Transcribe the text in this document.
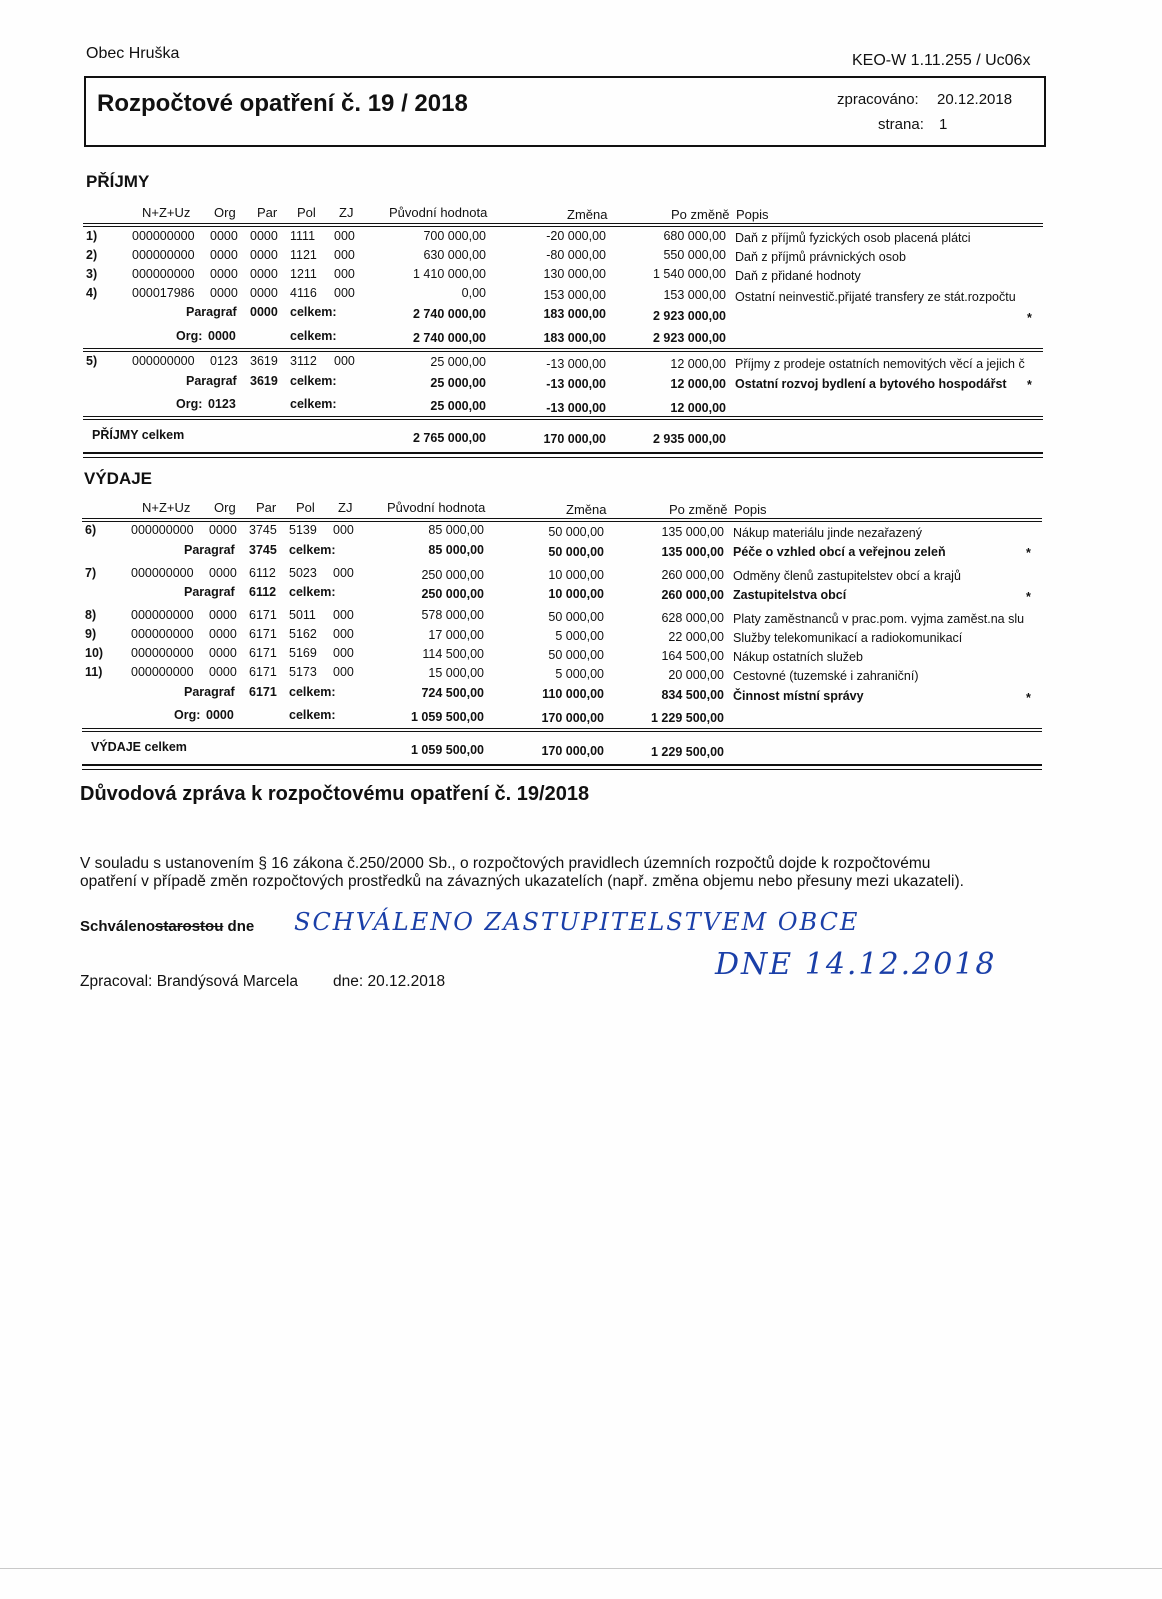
Obec Hruška	KEO-W 1.11.255 / Uc06x
Rozpočtové opatření č. 19 / 2018	zpracováno: 20.12.2018
strana: 1
PŘÍJMY
N+Z+Uz Org Par Pol ZJ	Původní hodnota	Změna	Po změně Popis
1)	000000000 0000 0000 1111 000	700 000,00	-20 000,00	680 000,00 Daň z příjmů fyzických osob placená plátci
2)	000000000 0000 0000 1121 000	630 000,00	-80 000,00	550 000,00 Daň z příjmů právnických osob
3)	000000000 0000 0000 1211 000	1 410 000,00	130 000,00	1 540 000,00 Daň z přidané hodnoty
4)	000017986 0000 0000 4116 000	0,00	153 000,00	153 000,00 Ostatní neinvestič.přijaté transfery ze stát.rozpočtu
Paragraf 0000 celkem:	2 740 000,00	183 000,00	2 923 000,00	*
Org: 0000	celkem:	2 740 000,00	183 000,00	2 923 000,00
5)	000000000 0123 3619 3112 000	25 000,00	-13 000,00	12 000,00 Příjmy z prodeje ostatních nemovitých věcí a jejich č
Paragraf 3619 celkem:	25 000,00	-13 000,00	12 000,00 Ostatní rozvoj bydlení a bytového hospodářst *
Org: 0123	celkem:	25 000,00	-13 000,00	12 000,00
PŘÍJMY celkem	2 765 000,00	170 000,00	2 935 000,00
VÝDAJE
N+Z+Uz Org Par Pol ZJ	Původní hodnota	Změna	Po změně Popis
6)	000000000 0000 3745 5139 000	85 000,00	50 000,00	135 000,00 Nákup materiálu jinde nezařazený
Paragraf 3745 celkem:	85 000,00	50 000,00	135 000,00 Péče o vzhled obcí a veřejnou zeleň	*
7)	000000000 0000 6112 5023 000	250 000,00	10 000,00	260 000,00 Odměny členů zastupitelstev obcí a krajů
Paragraf 6112 celkem:	250 000,00	10 000,00	260 000,00 Zastupitelstva obcí	*
8)	000000000 0000 6171 5011 000	578 000,00	50 000,00	628 000,00 Platy zaměstnanců v prac.pom. vyjma zaměst.na slu
9)	000000000 0000 6171 5162 000	17 000,00	5 000,00	22 000,00 Služby telekomunikací a radiokomunikací
10) 000000000 0000 6171 5169 000	114 500,00	50 000,00	164 500,00 Nákup ostatních služeb
11) 000000000 0000 6171 5173 000	15 000,00	5 000,00	20 000,00 Cestovné (tuzemské i zahraniční)
Paragraf 6171 celkem:	724 500,00	110 000,00	834 500,00 Činnost místní správy	*
Org: 0000	celkem:	1 059 500,00	170 000,00	1 229 500,00
VÝDAJE celkem	1 059 500,00	170 000,00	1 229 500,00
Důvodová zpráva k rozpočtovému opatření č. 19/2018
V souladu s ustanovením § 16 zákona č.250/2000 Sb., o rozpočtových pravidlech územních rozpočtů dojde k rozpočtovému
opatření v případě změn rozpočtových prostředků na závazných ukazatelích (např. změna objemu nebo přesuny mezi ukazateli).
Schválenostarostou dne SCHVÁLENO ZASTUPITELSTVEM OBCE
DNE 14.12.2018
Zpracoval: Brandýsová Marcela dne: 20.12.2018
